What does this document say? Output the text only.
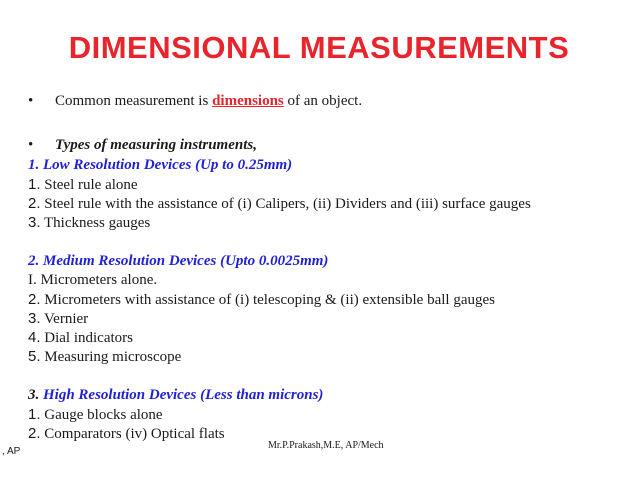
DIMENSIONAL MEASUREMENTS
• Common measurement is dimensions of an object.
• Types of measuring instruments,
1. Low Resolution Devices (Up to 0.25mm)
1. Steel rule alone
2. Steel rule with the assistance of (i) Calipers, (ii) Dividers and (iii) surface gauges
3. Thickness gauges
2. Medium Resolution Devices (Upto 0.0025mm)
I. Micrometers alone.
2. Micrometers with assistance of (i) telescoping & (ii) extensible ball gauges
3. Vernier
4. Dial indicators
5. Measuring microscope
3. High Resolution Devices (Less than microns)
1. Gauge blocks alone
2. Comparators (iv) Optical flats
Mr.P.Prakash,M.E, AP/Mech
, AP
